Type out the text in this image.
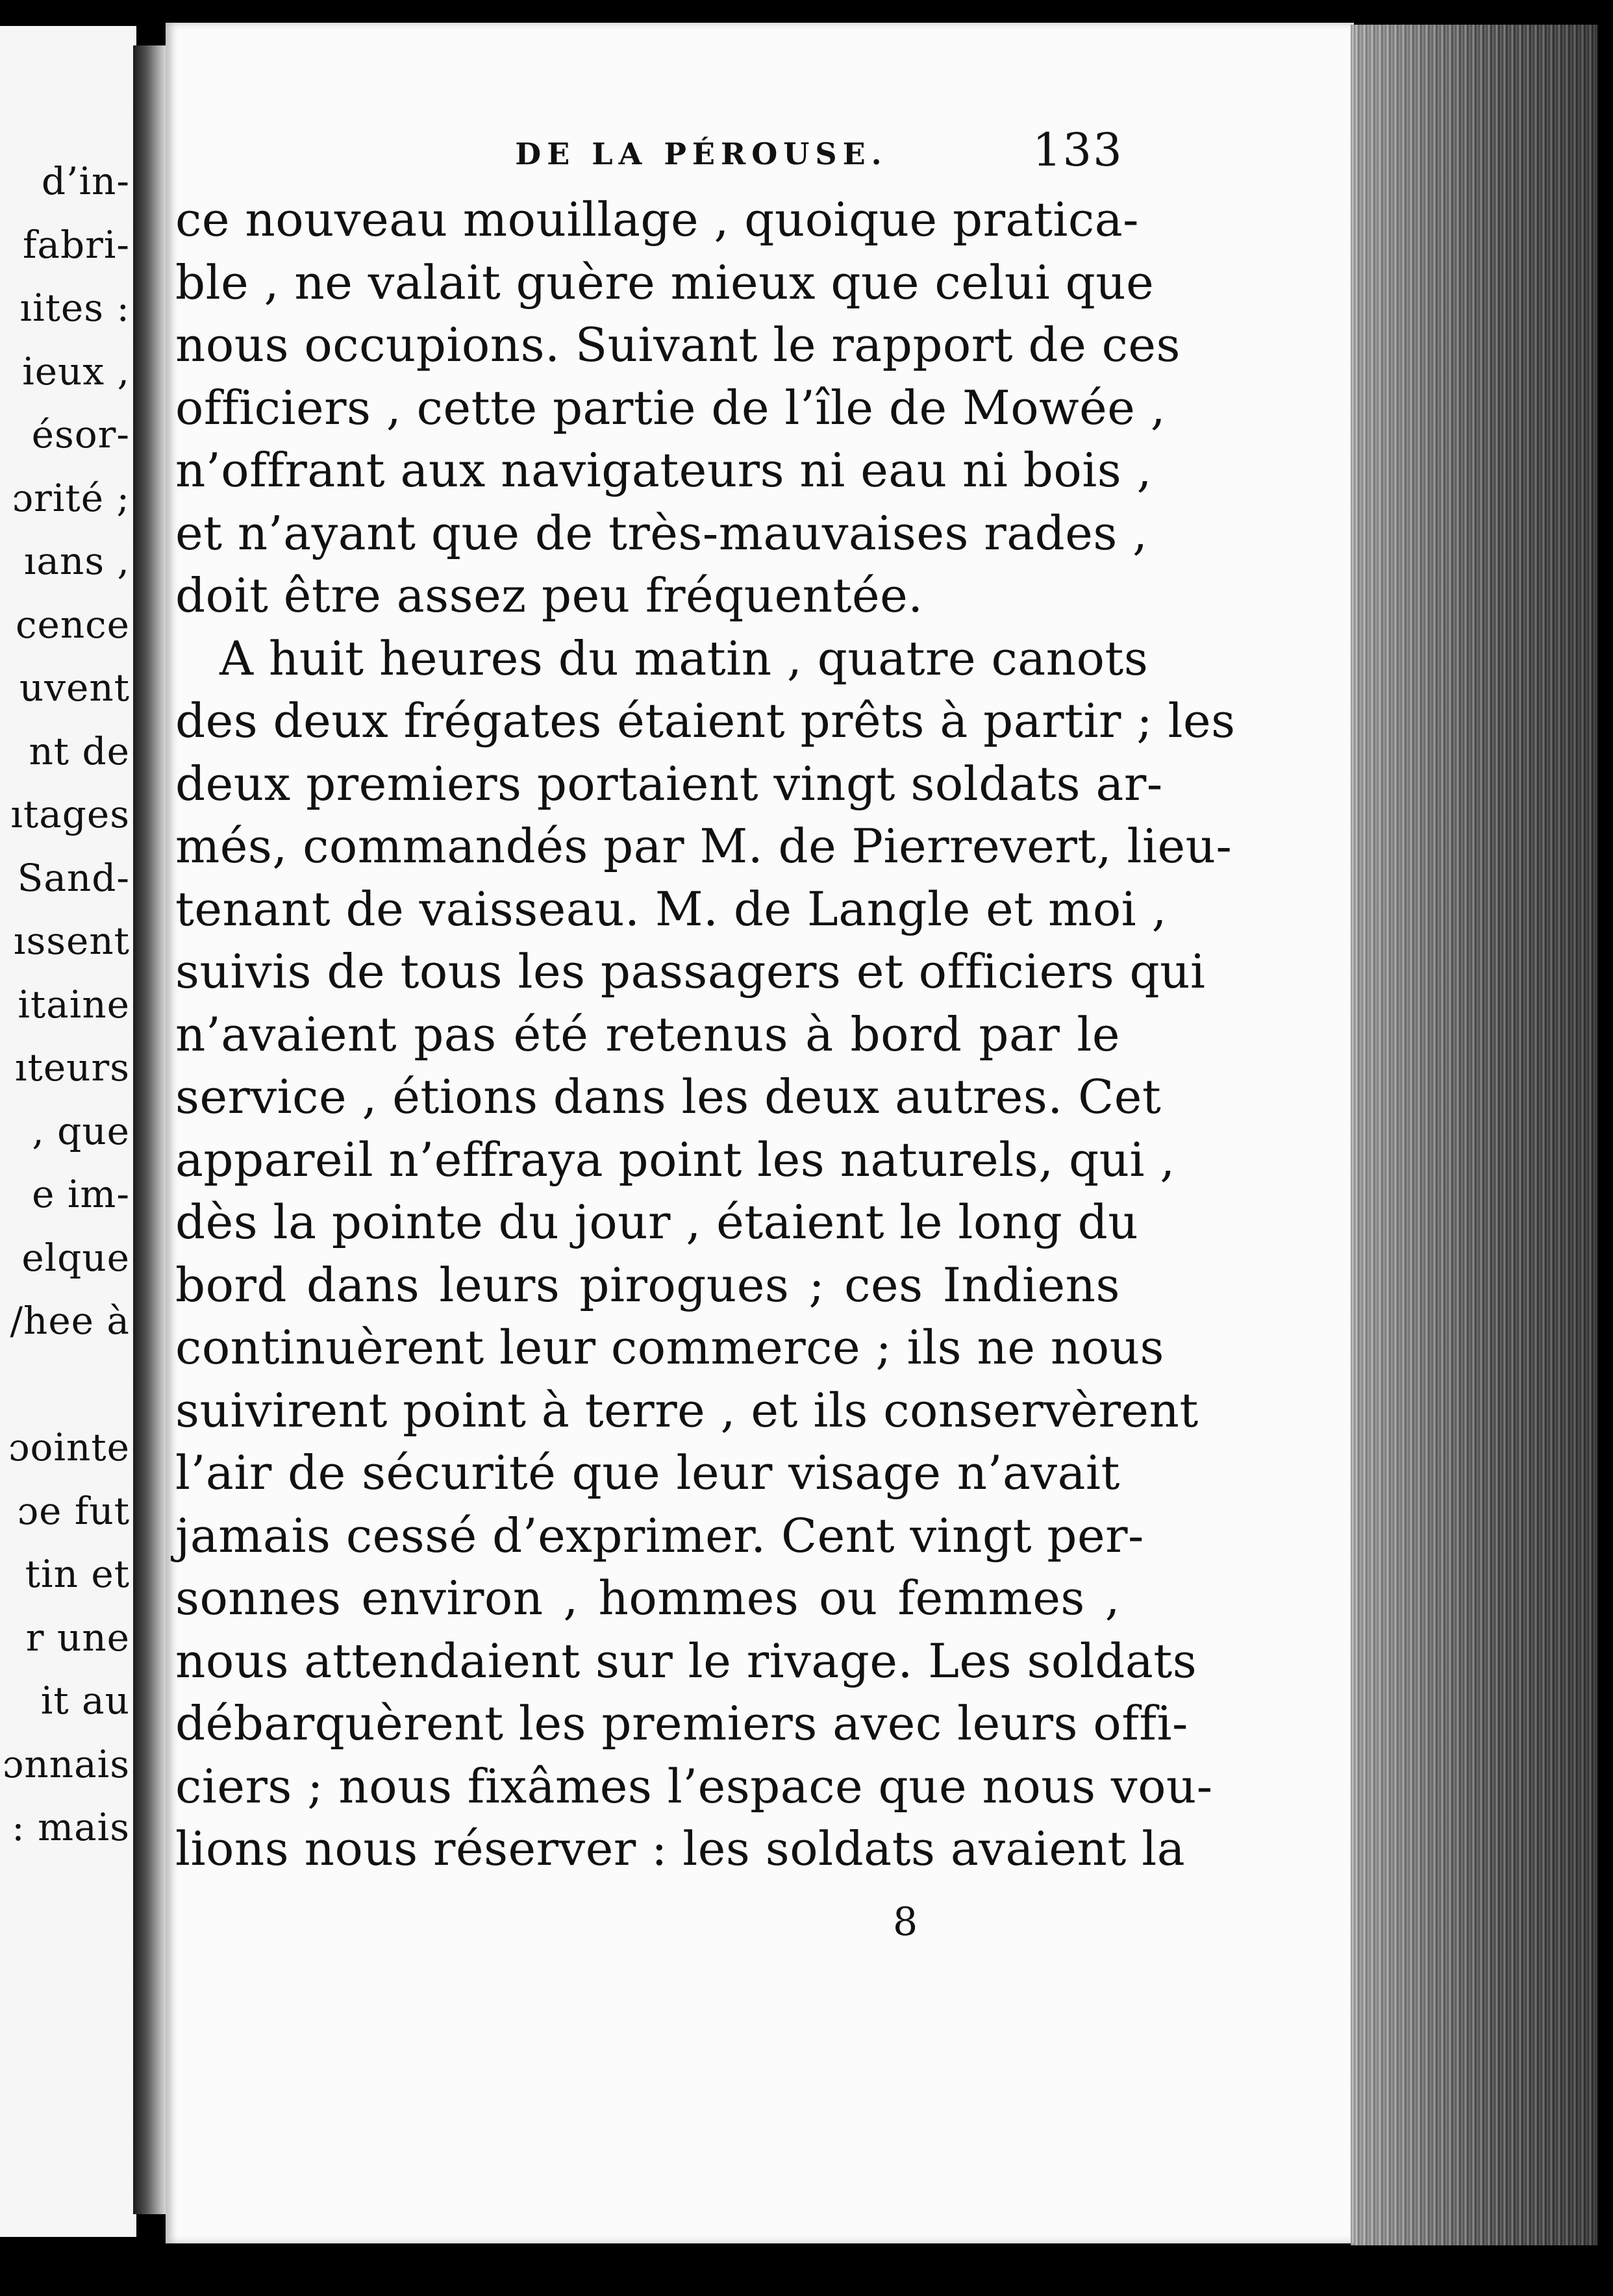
d’in-
fabri-
ıites :
ieux ,
ésor-
ɔrité ;
ıans ,
cence
uvent
nt de
ıtages
Sand-
ıssent
itaine
ıteurs
, que
e im-
elque
/hee à
ɔointe
ɔe fut
tin et
r une
it au
ɔnnais
: mais
DE LA PÉROUSE.	133
ce nouveau mouillage , quoique pratica-
ble , ne valait guère mieux que celui que
nous occupions. Suivant le rapport de ces
officiers , cette partie de l’île de Mowée ,
n’offrant aux navigateurs ni eau ni bois ,
et n’ayant que de très-mauvaises rades ,
doit être assez peu fréquentée.
A huit heures du matin , quatre canots
des deux frégates étaient prêts à partir ; les
deux premiers portaient vingt soldats ar-
més, commandés par M. de Pierrevert, lieu-
tenant de vaisseau. M. de Langle et moi ,
suivis de tous les passagers et officiers qui
n’avaient pas été retenus à bord par le
service , étions dans les deux autres. Cet
appareil n’effraya point les naturels, qui ,
dès la pointe du jour , étaient le long du
bord dans leurs pirogues ; ces Indiens
continuèrent leur commerce ; ils ne nous
suivirent point à terre , et ils conservèrent
l’air de sécurité que leur visage n’avait
jamais cessé d’exprimer. Cent vingt per-
sonnes environ , hommes ou femmes ,
nous attendaient sur le rivage. Les soldats
débarquèrent les premiers avec leurs offi-
ciers ; nous fixâmes l’espace que nous vou-
lions nous réserver : les soldats avaient la
8
